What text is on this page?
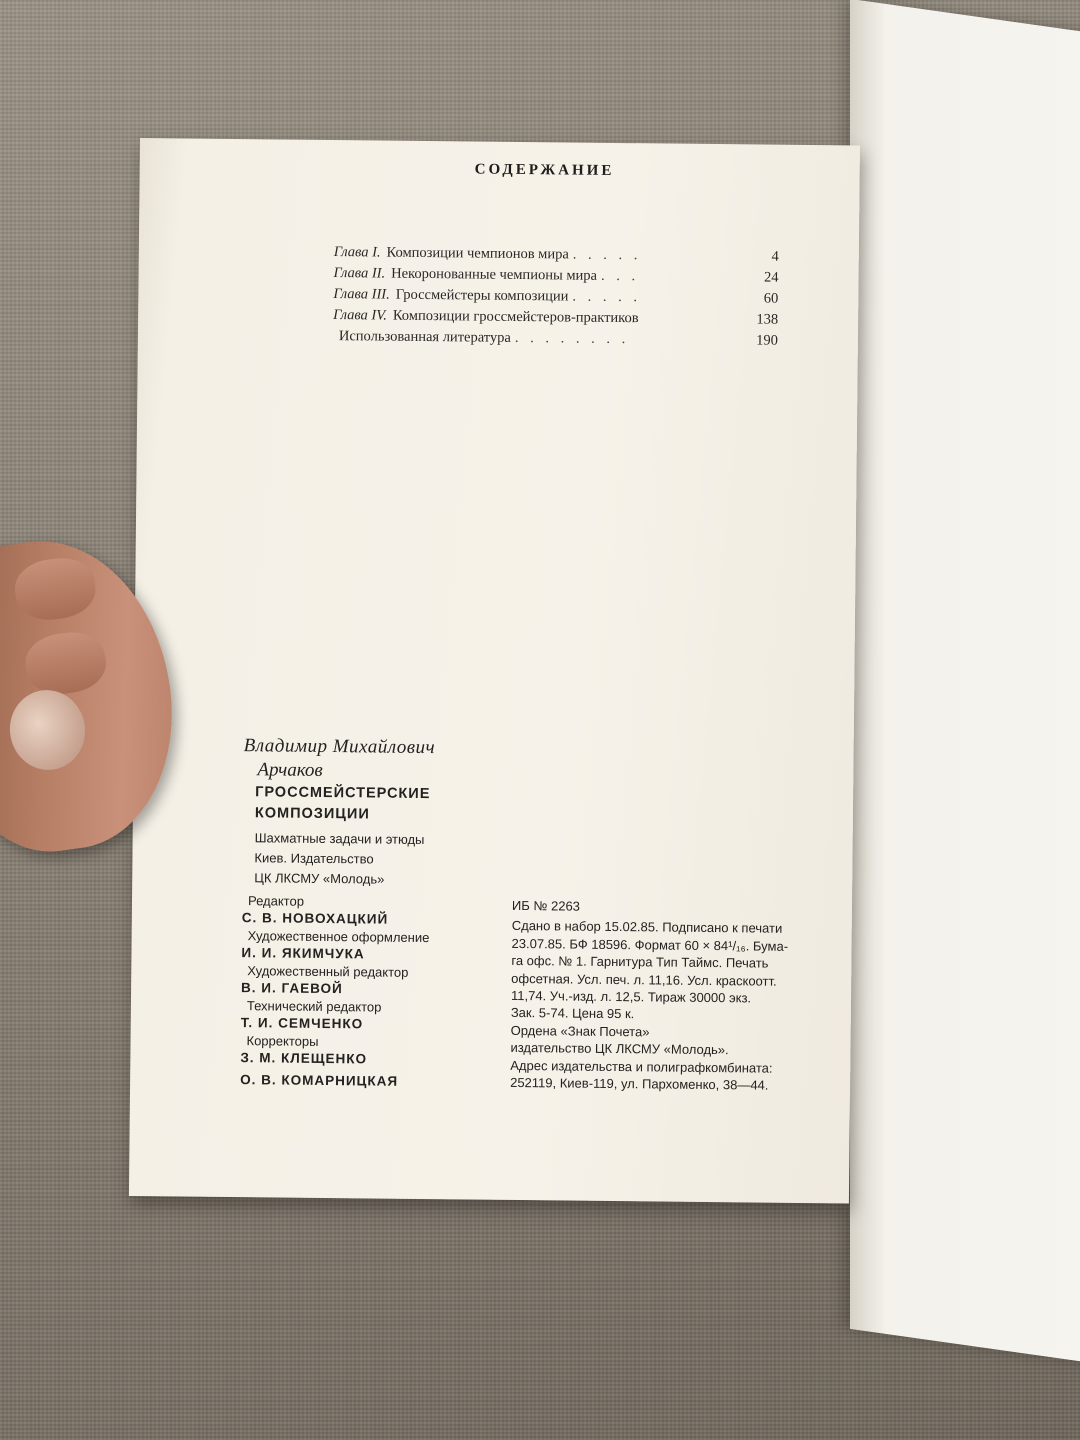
СОДЕРЖАНИЕ
Глава I. Композиции чемпионов мира . . . . .	4
Глава II. Некоронованные чемпионы мира . . .	24
Глава III. Гроссмейстеры композиции . . . . .	60
Глава IV. Композиции гроссмейстеров-практиков	138
Использованная литература . . . . . . . .	190
Владимир Михайлович
Арчаков
ГРОССМЕЙСТЕРСКИЕ
КОМПОЗИЦИИ
Шахматные задачи и этюды
Киев. Издательство
ЦК ЛКСМУ «Молодь»
Редактор
С. В. НОВОХАЦКИЙ
Художественное оформление
И. И. ЯКИМЧУКА
Художественный редактор
В. И. ГАЕВОЙ
Технический редактор
Т. И. СЕМЧЕНКО
Корректоры
З. М. КЛЕЩЕНКО
О. В. КОМАРНИЦКАЯ
ИБ № 2263
Сдано в набор 15.02.85. Подписано к печати
23.07.85. БФ 18596. Формат 60 × 84¹/₁₆. Бума-
га офс. № 1. Гарнитура Тип Таймс. Печать
офсетная. Усл. печ. л. 11,16. Усл. краскоотт.
11,74. Уч.-изд. л. 12,5. Тираж 30000 экз.
Зак. 5-74. Цена 95 к.
Ордена «Знак Почета»
издательство ЦК ЛКСМУ «Молодь».
Адрес издательства и полиграфкомбината:
252119, Киев-119, ул. Пархоменко, 38—44.
